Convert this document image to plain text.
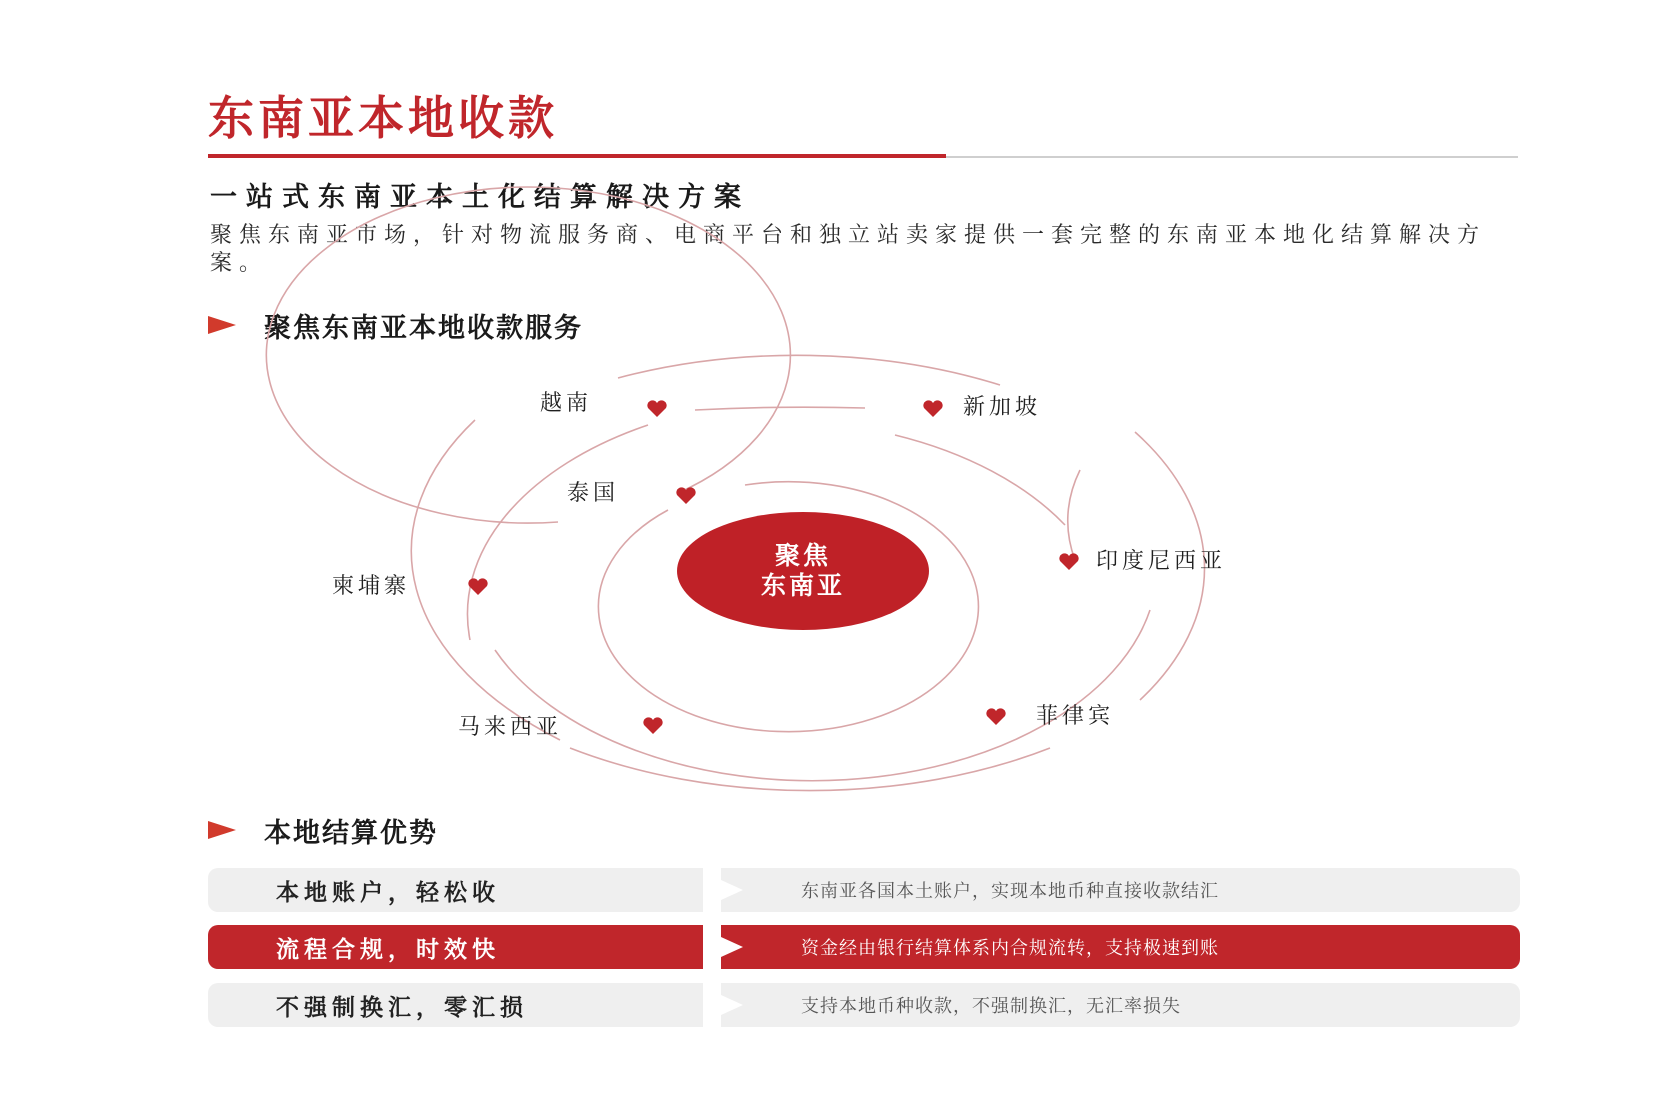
东南亚本地收款
一站式东南亚本土化结算解决方案
聚焦东南亚市场，针对物流服务商、电商平台和独立站卖家提供一套完整的东南亚本地化结算解决方案。
聚焦东南亚本地收款服务
聚焦
东南亚
越南	新加坡
泰国
印度尼西亚
柬埔寨
马来西亚	菲律宾
本地结算优势
本地账户，轻松收	东南亚各国本土账户，实现本地币种直接收款结汇
流程合规，时效快	资金经由银行结算体系内合规流转，支持极速到账
不强制换汇，零汇损	支持本地币种收款，不强制换汇，无汇率损失
